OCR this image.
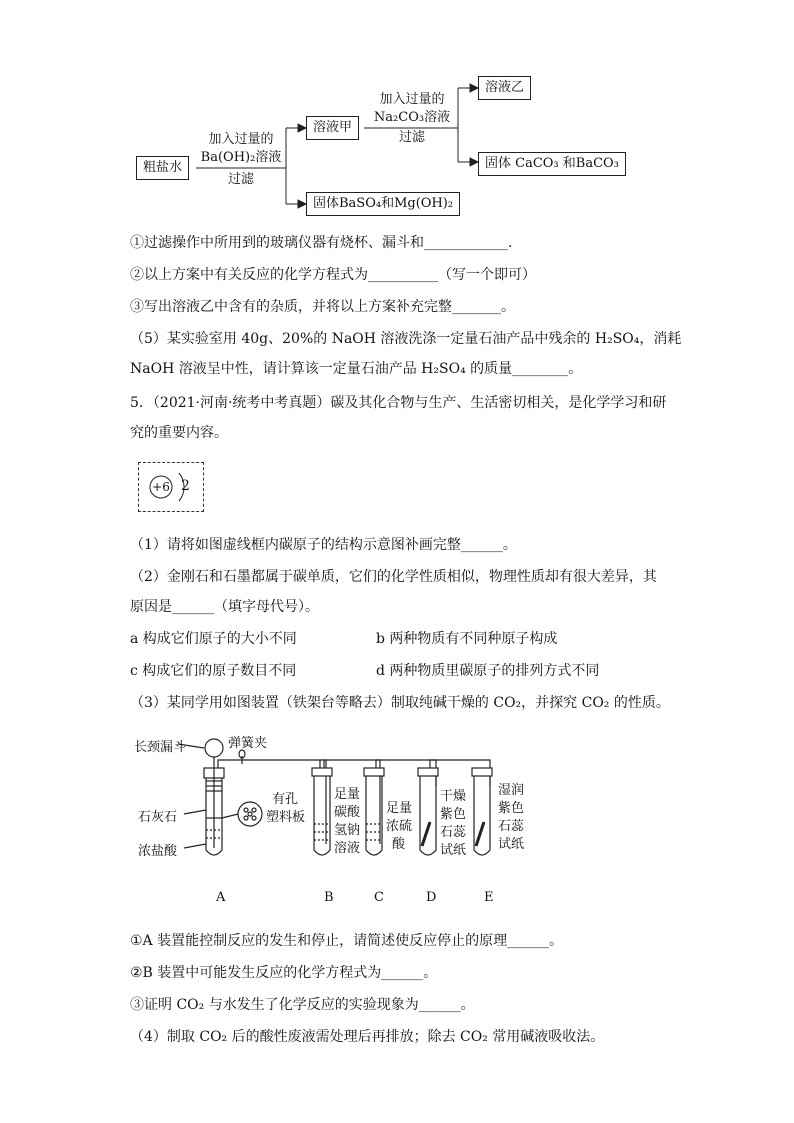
粗盐水
加入过量的
Ba(OH)₂溶液
过滤
溶液甲
固体BaSO₄和Mg(OH)₂
加入过量的
Na₂CO₃溶液
过滤
溶液乙
固体 CaCO₃ 和BaCO₃
①过滤操作中所用到的玻璃仪器有烧杯、漏斗和____________.
②以上方案中有关反应的化学方程式为__________（写一个即可）
③写出溶液乙中含有的杂质，并将以上方案补充完整_______。
（5）某实验室用 40g、20%的 NaOH 溶液洗涤一定量石油产品中残余的 H₂SO₄，消耗
NaOH 溶液呈中性，请计算该一定量石油产品 H₂SO₄ 的质量________。
5．（2021·河南·统考中考真题）碳及其化合物与生产、生活密切相关，是化学学习和研
究的重要内容。
+6 2
（1）请将如图虚线框内碳原子的结构示意图补画完整______。
（2）金刚石和石墨都属于碳单质，它们的化学性质相似，物理性质却有很大差异，其
原因是______（填字母代号）。
a 构成它们原子的大小不同	b 两种物质有不同种原子构成
c 构成它们的原子数目不同	d 两种物质里碳原子的排列方式不同
（3）某同学用如图装置（铁架台等略去）制取纯碱干燥的 CO₂，并探究 CO₂ 的性质。
长颈漏斗	弹簧夹
石灰石
浓盐酸
有孔
塑料板
足量
碳酸
氢钠
溶液
足量
浓硫
酸
干燥
紫色
石蕊
试纸
湿润
紫色
石蕊
试纸
A	B	C	D	E
①A 装置能控制反应的发生和停止，请简述使反应停止的原理______。
②B 装置中可能发生反应的化学方程式为______。
③证明 CO₂ 与水发生了化学反应的实验现象为______。
（4）制取 CO₂ 后的酸性废液需处理后再排放；除去 CO₂ 常用碱液吸收法。
